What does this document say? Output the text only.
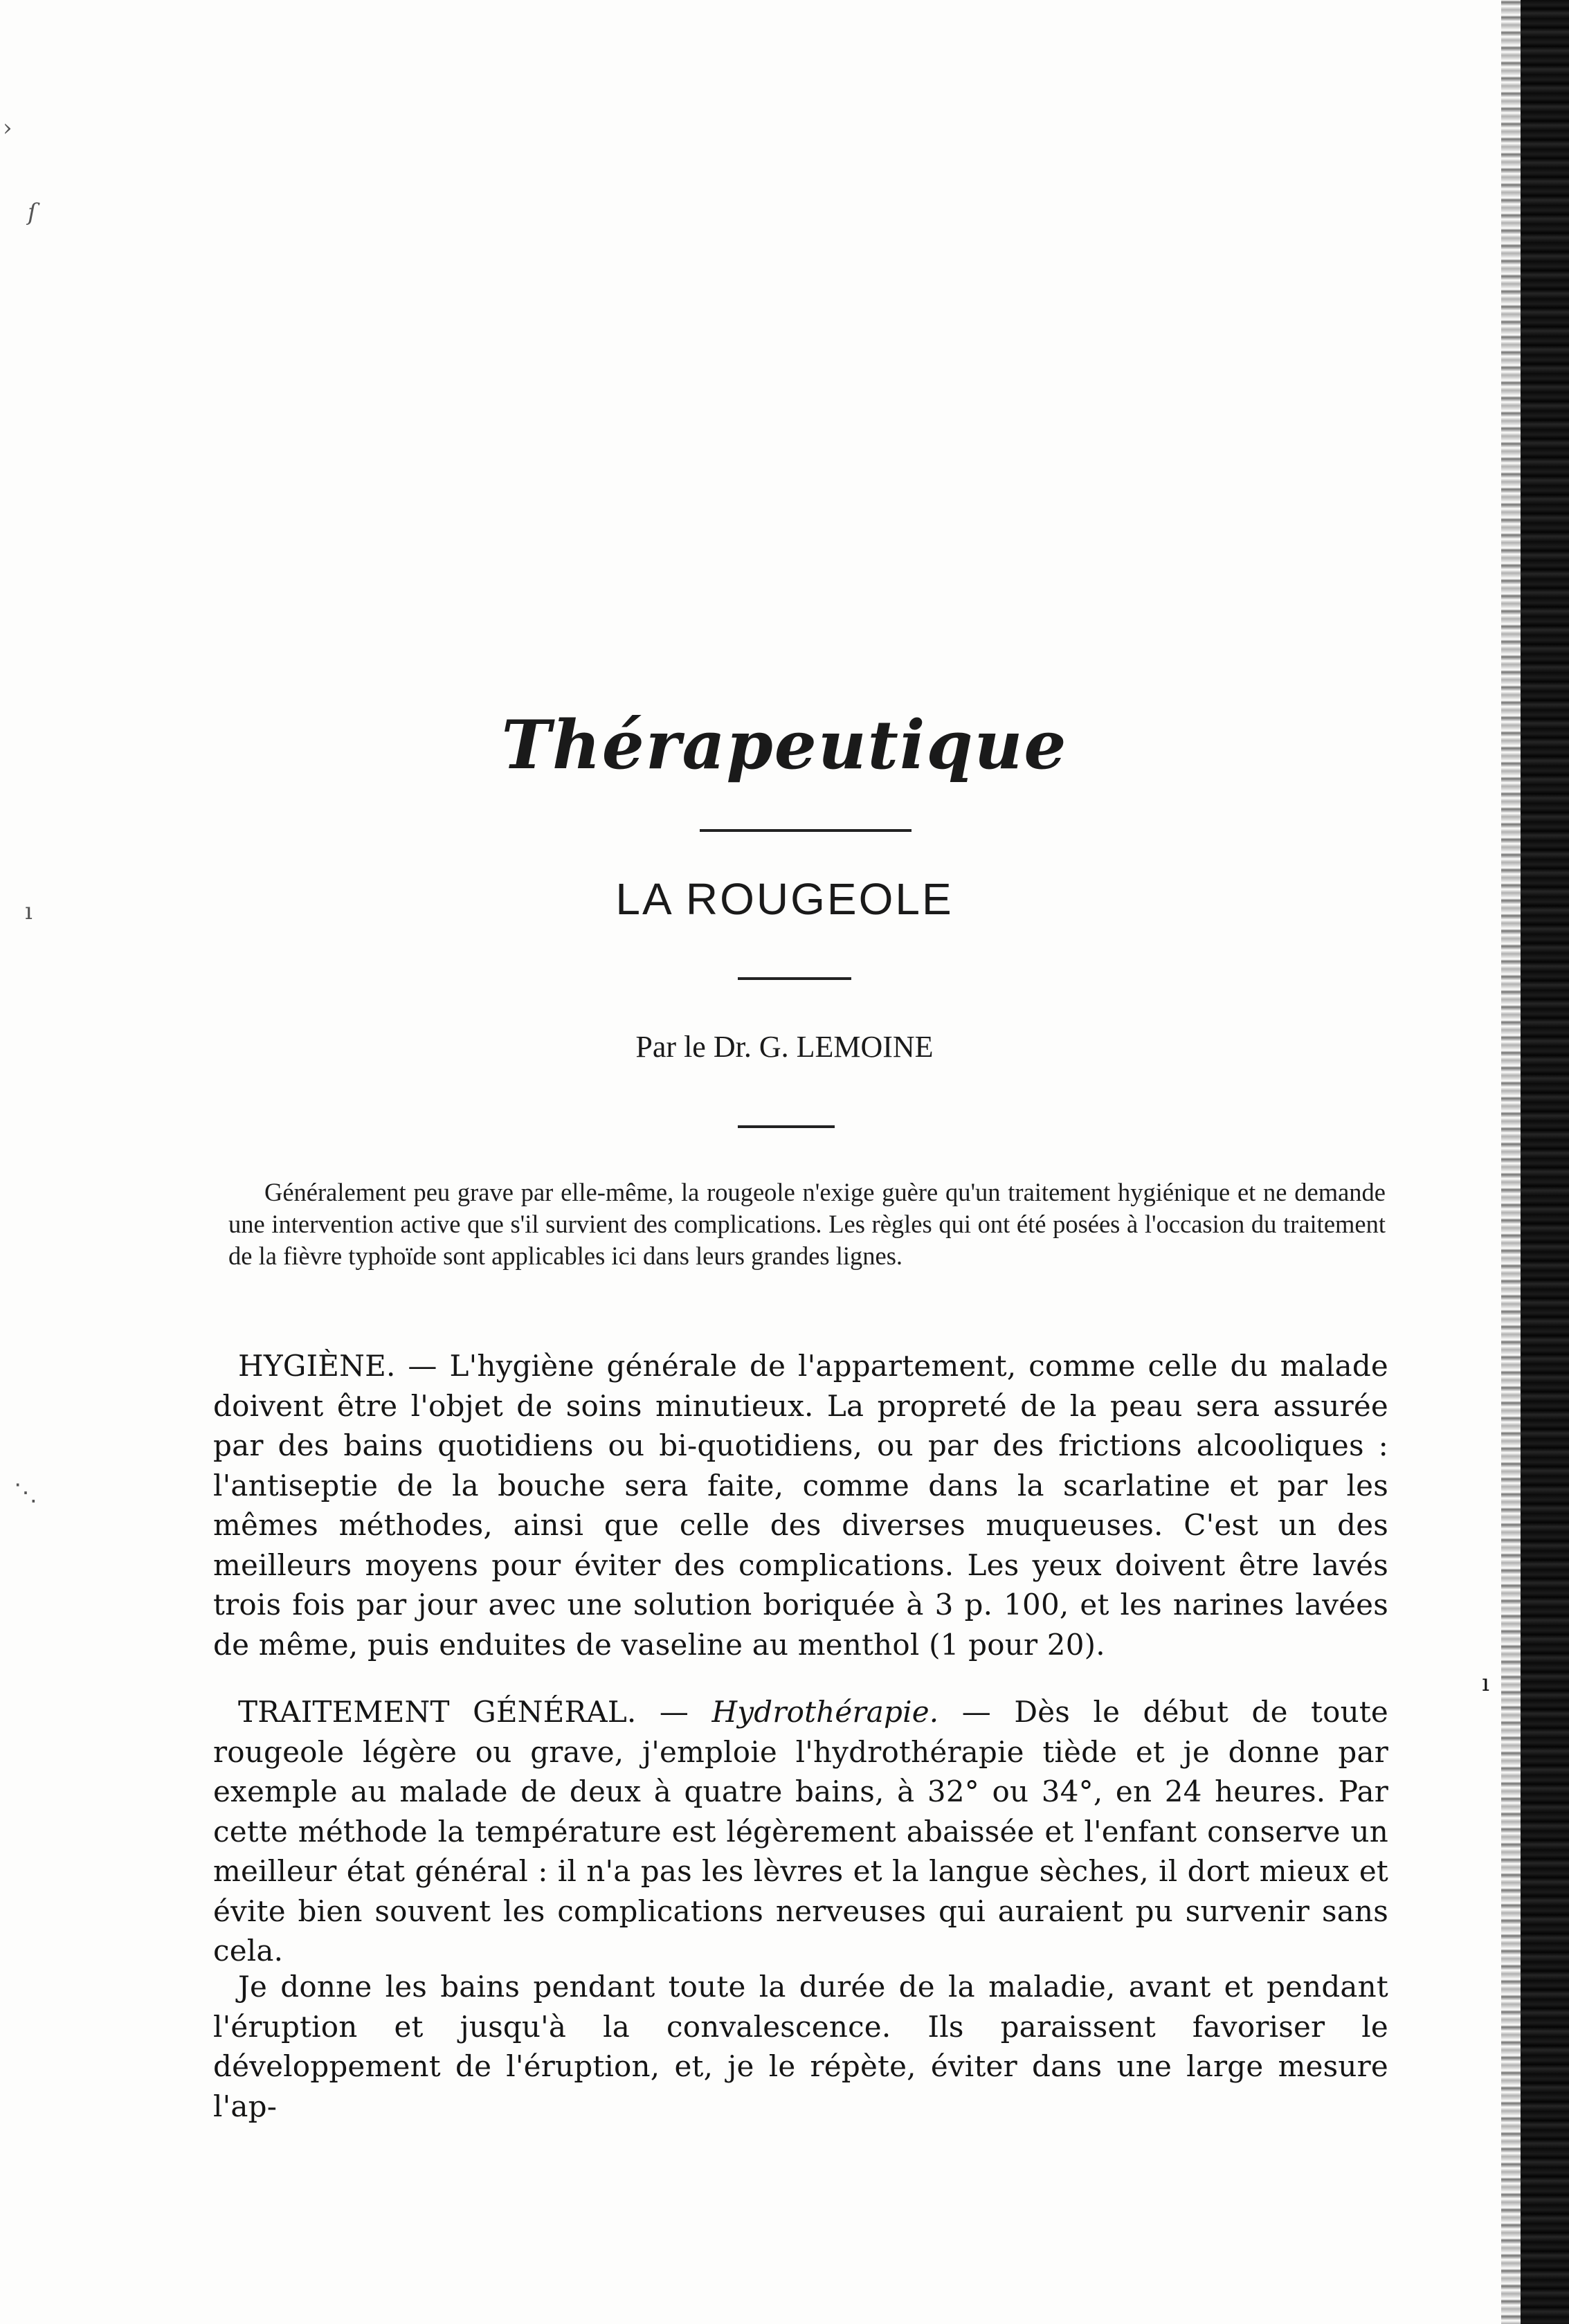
›
ſ
ı
⋱
ı
Thérapeutique
LA ROUGEOLE
Par le Dr. G. LEMOINE

Généralement peu grave par elle-même, la rougeole n'exige guère qu'un traitement hygiénique et ne demande une intervention active que s'il survient des complications. Les règles qui ont été posées à l'occasion du traitement de la fièvre typhoïde sont applicables ici dans leurs grandes lignes.

HYGIÈNE. — L'hygiène générale de l'appartement, comme celle du malade doivent être l'objet de soins minutieux. La propreté de la peau sera assurée par des bains quotidiens ou bi-quotidiens, ou par des frictions alcooliques : l'antiseptie de la bouche sera faite, comme dans la scarlatine et par les mêmes méthodes, ainsi que celle des diverses muqueuses. C'est un des meilleurs moyens pour éviter des complications. Les yeux doivent être lavés trois fois par jour avec une solution boriquée à 3 p. 100, et les narines lavées de même, puis enduites de vaseline au menthol (1 pour 20).

TRAITEMENT GÉNÉRAL. — Hydrothérapie. — Dès le début de toute rougeole légère ou grave, j'emploie l'hydrothérapie tiède et je donne par exemple au malade de deux à quatre bains, à 32° ou 34°, en 24 heures. Par cette méthode la température est légèrement abaissée et l'enfant conserve un meilleur état général : il n'a pas les lèvres et la langue sèches, il dort mieux et évite bien souvent les complications nerveuses qui auraient pu survenir sans cela.

Je donne les bains pendant toute la durée de la maladie, avant et pendant l'éruption et jusqu'à la convalescence. Ils paraissent favoriser le développement de l'éruption, et, je le répète, éviter dans une large mesure l'ap-
